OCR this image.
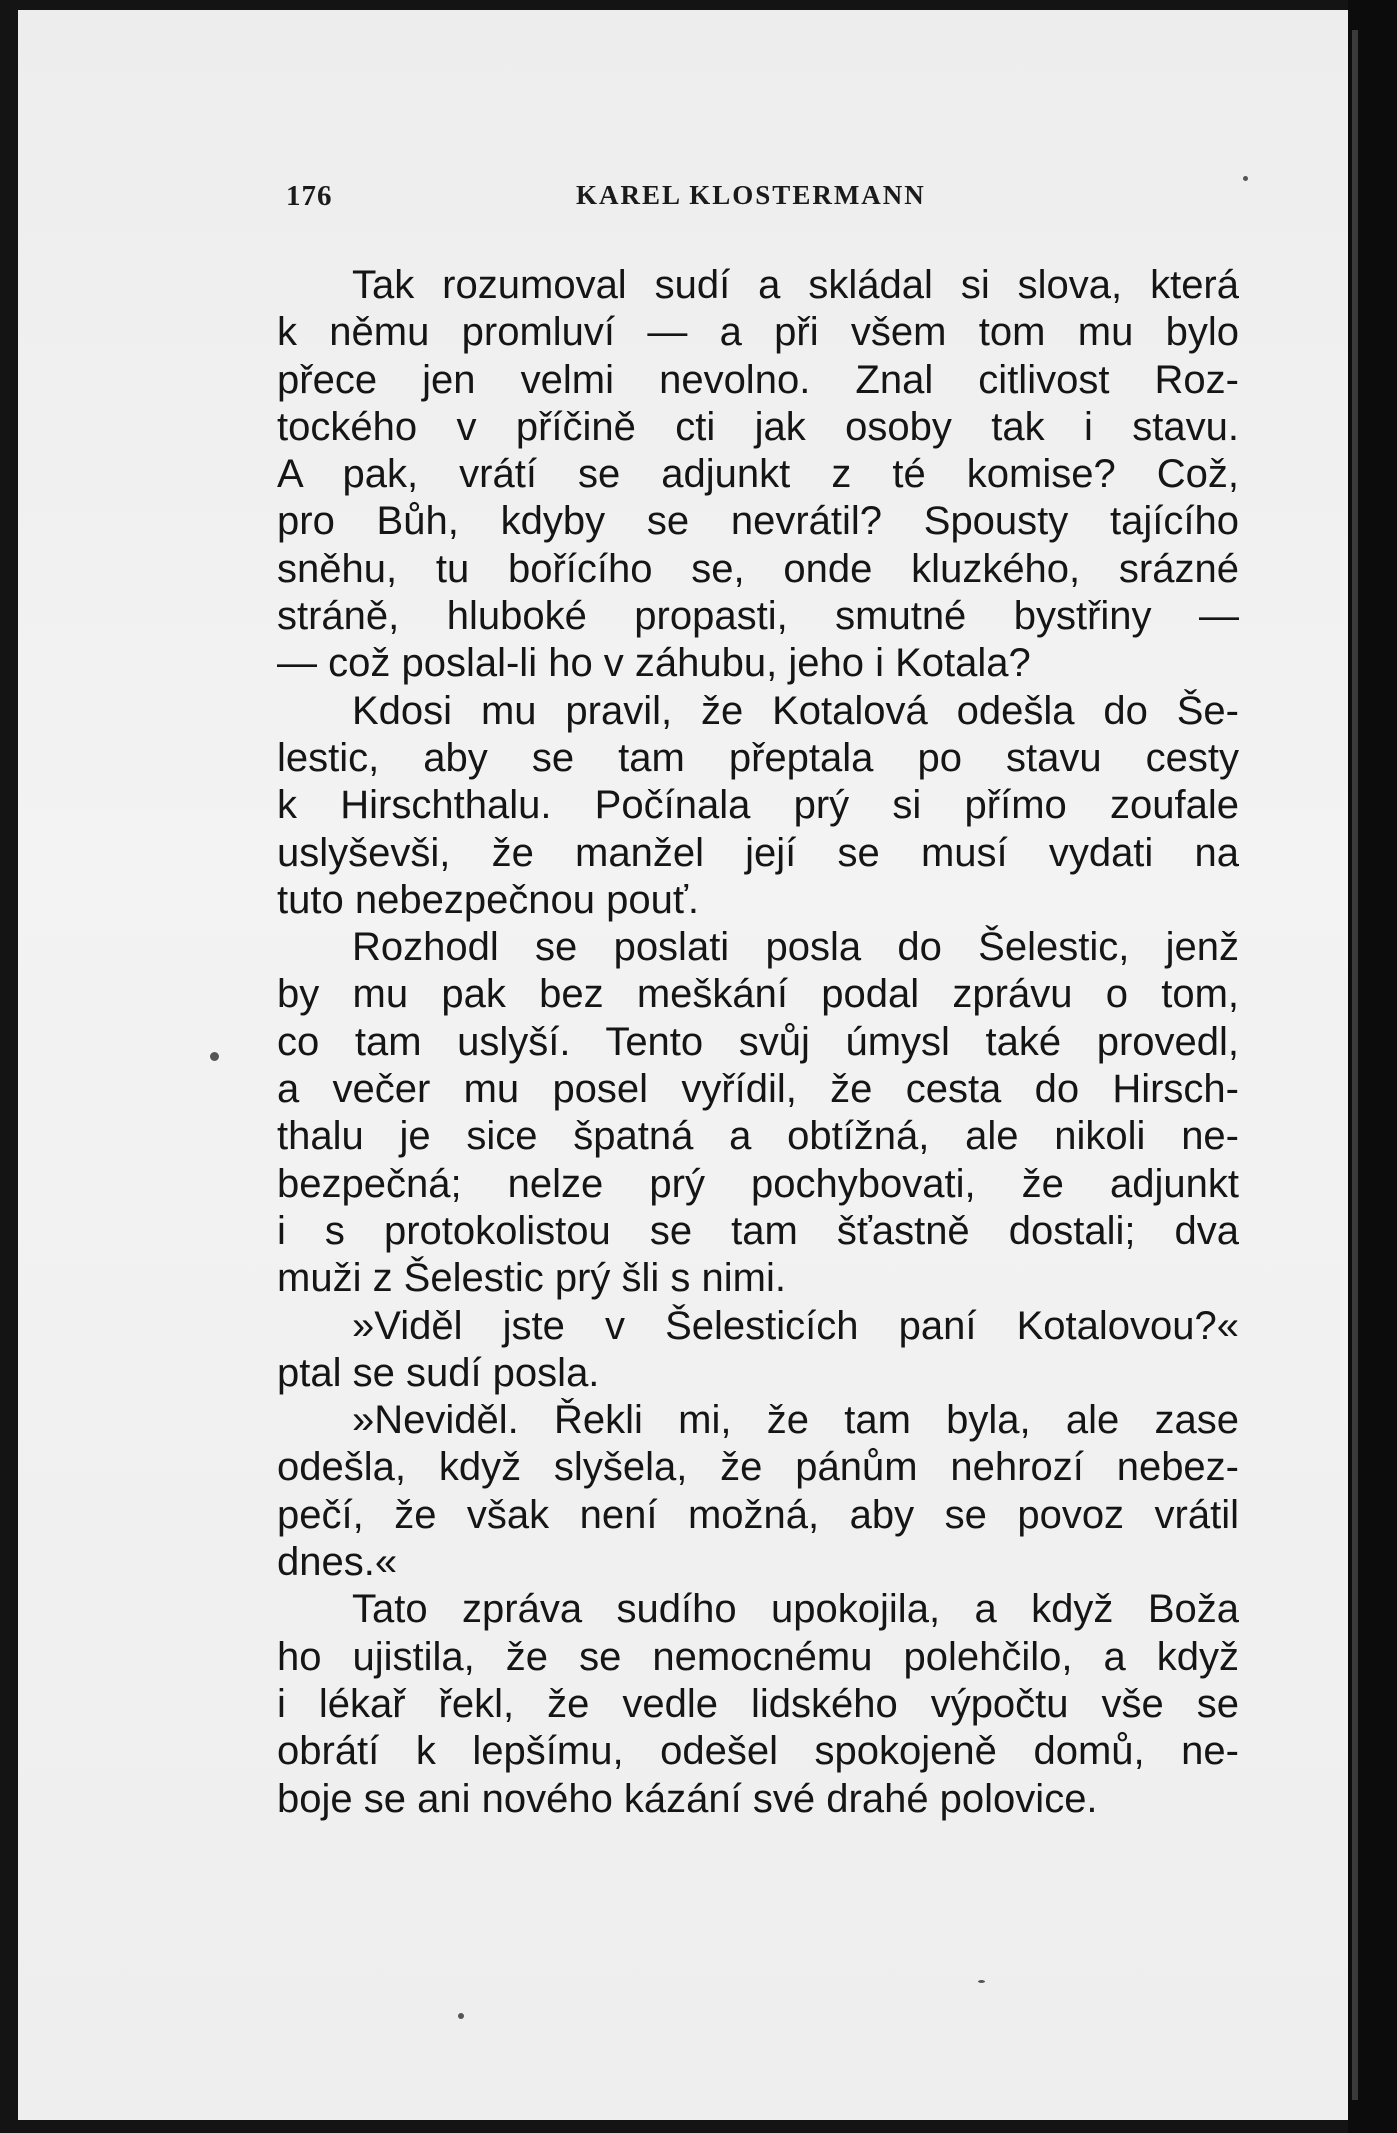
176	KAREL KLOSTERMANN
Tak rozumoval sudí a skládal si slova, která
k němu promluví — a při všem tom mu bylo
přece jen velmi nevolno. Znal citlivost Roz-
tockého v příčině cti jak osoby tak i stavu.
A pak, vrátí se adjunkt z té komise? Což,
pro Bůh, kdyby se nevrátil? Spousty tajícího
sněhu, tu bořícího se, onde kluzkého, srázné
stráně, hluboké propasti, smutné bystřiny —
— což poslal-li ho v záhubu, jeho i Kotala?
Kdosi mu pravil, že Kotalová odešla do Še-
lestic, aby se tam přeptala po stavu cesty
k Hirschthalu. Počínala prý si přímo zoufale
uslyševši, že manžel její se musí vydati na
tuto nebezpečnou pouť.
Rozhodl se poslati posla do Šelestic, jenž
by mu pak bez meškání podal zprávu o tom,
co tam uslyší. Tento svůj úmysl také provedl,
a večer mu posel vyřídil, že cesta do Hirsch-
thalu je sice špatná a obtížná, ale nikoli ne-
bezpečná; nelze prý pochybovati, že adjunkt
i s protokolistou se tam šťastně dostali; dva
muži z Šelestic prý šli s nimi.
»Viděl jste v Šelesticích paní Kotalovou?«
ptal se sudí posla.
»Neviděl. Řekli mi, že tam byla, ale zase
odešla, když slyšela, že pánům nehrozí nebez-
pečí, že však není možná, aby se povoz vrátil
dnes.«
Tato zpráva sudího upokojila, a když Boža
ho ujistila, že se nemocnému polehčilo, a když
i lékař řekl, že vedle lidského výpočtu vše se
obrátí k lepšímu, odešel spokojeně domů, ne-
boje se ani nového kázání své drahé polovice.
